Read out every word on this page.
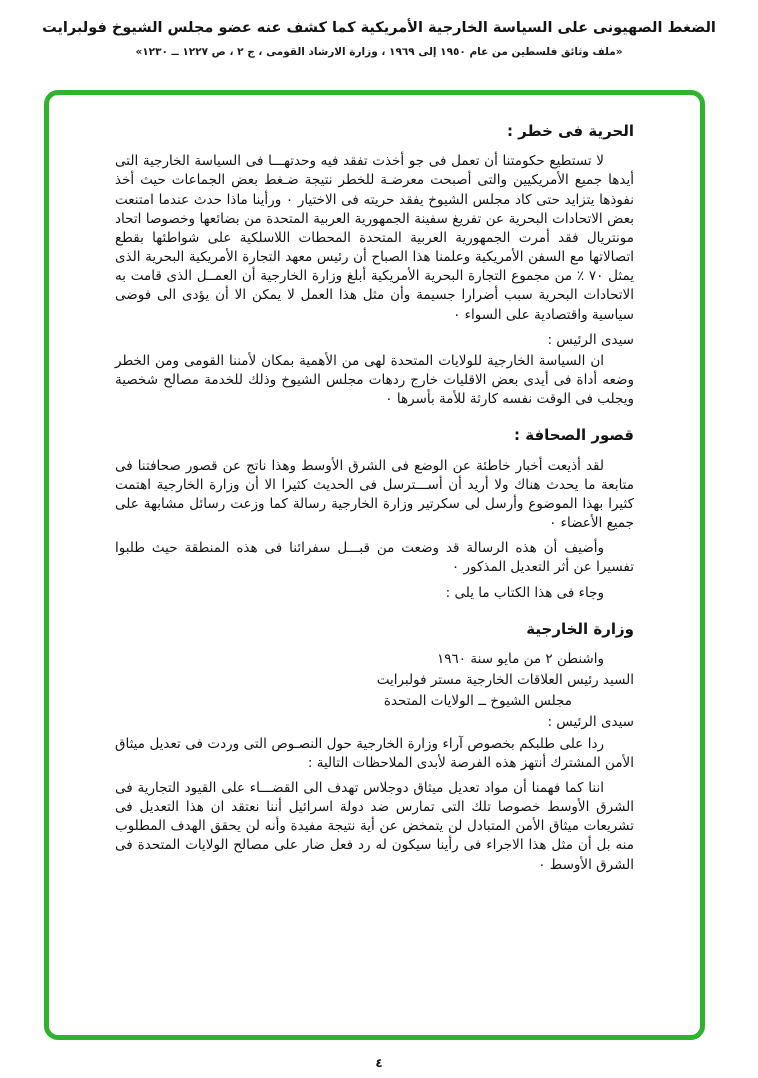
الضغط الصهيونى على السياسة الخارجية الأمريكية كما كشف عنه عضو مجلس الشيوخ فولبرايت
«ملف وثائق فلسطين من عام ١٩٥٠ إلى ١٩٦٩ ، وزارة الارشاد القومى ، ج ٢ ، ص ١٢٢٧ ــ ١٢٣٠»
الحرية فى خطر :
لا تستطيع حكومتنا أن تعمل فى جو أخذت تفقد فيه وحدتهـــا فى السياسة الخارجية التى أيدها جميع الأمريكيين والتى أصبحت معرضـة للخطر نتيجة ضـغط بعض الجماعات حيث أخذ نفوذها يتزايد حتى كاد مجلس الشيوخ يفقد حريته فى الاختيار ٠ ورأينا ماذا حدث عندما امتنعت بعض الاتحادات البحرية عن تفريغ سفينة الجمهورية العربية المتحدة من بضائعها وخصوصا اتحاد مونتريال فقد أمرت الجمهورية العربية المتحدة المحطات اللاسلكية على شواطئها بقطع اتصالاتها مع السفن الأمريكية وعلمنا هذا الصباح أن رئيس معهد التجارة الأمريكية البحرية الذى يمثل ٧٠ ٪ من مجموع التجارة البحرية الأمريكية أبلغ وزارة الخارجية أن العمــل الذى قامت به الاتحادات البحرية سبب أضرارا جسيمة وأن مثل هذا العمل لا يمكن الا أن يؤدى الى فوضى سياسية واقتصادية على السواء ٠
سيدى الرئيس :
ان السياسة الخارجية للولايات المتحدة لهى من الأهمية بمكان لأمننا القومى ومن الخطر وضعه أداة فى أيدى بعض الاقليات خارج ردهات مجلس الشيوخ وذلك للخدمة مصالح شخصية ويجلب فى الوقت نفسه كارثة للأمة بأسرها ٠
قصور الصحافة :
لقد أذيعت أخبار خاطئة عن الوضع فى الشرق الأوسط وهذا ناتج عن قصور صحافتنا فى متابعة ما يحدث هناك ولا أريد أن أســـترسل فى الحديث كثيرا الا أن وزارة الخارجية اهتمت كثيرا بهذا الموضوع وأرسل لى سكرتير وزارة الخارجية رسالة كما وزعت رسائل مشابهة على جميع الأعضاء ٠
وأضيف أن هذه الرسالة قد وضعت من قبـــل سفرائنا فى هذه المنطقة حيث طلبوا تفسيرا عن أثر التعديل المذكور ٠
وجاء فى هذا الكتاب ما يلى :
وزارة الخارجية
واشنطن ٢ من مايو سنة ١٩٦٠
السيد رئيس العلاقات الخارجية مستر فولبرايت
مجلس الشيوخ ــ الولايات المتحدة
سيدى الرئيس :
ردا على طلبكم بخصوص آراء وزارة الخارجية حول النصـوص التى وردت فى تعديل ميثاق الأمن المشترك أنتهز هذه الفرصة لأبدى الملاحظات التالية :
اننا كما فهمنا أن مواد تعديل ميثاق دوجلاس تهدف الى القضـــاء على القيود التجارية فى الشرق الأوسط خصوصا تلك التى تمارس ضد دولة اسرائيل أننا نعتقد ان هذا التعديل فى تشريعات ميثاق الأمن المتبادل لن يتمخض عن أية نتيجة مفيدة وأنه لن يحقق الهدف المطلوب منه بل أن مثل هذا الاجراء فى رأينا سيكون له رد فعل ضار على مصالح الولايات المتحدة فى الشرق الأوسط ٠
٤
